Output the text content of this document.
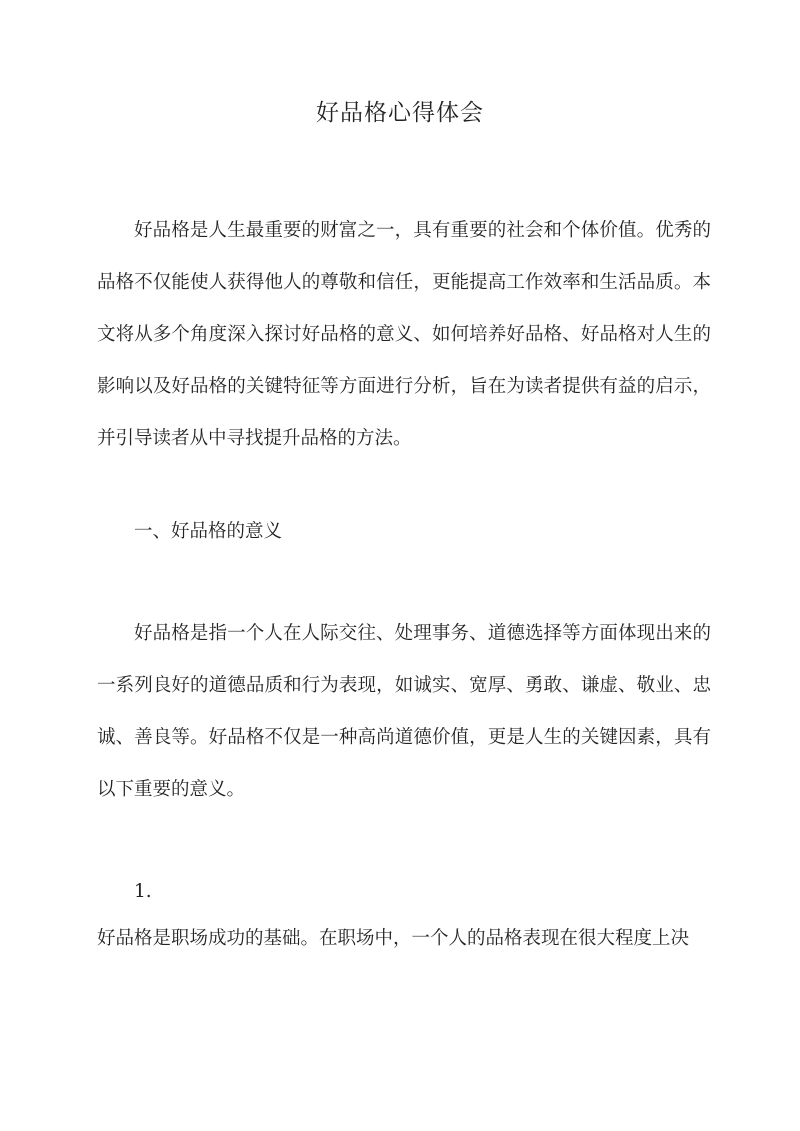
好品格心得体会

好品格是人生最重要的财富之一，具有重要的社会和个体价值。优秀的品格不仅能使人获得他人的尊敬和信任，更能提高工作效率和生活品质。本文将从多个角度深入探讨好品格的意义、如何培养好品格、好品格对人生的影响以及好品格的关键特征等方面进行分析，旨在为读者提供有益的启示，并引导读者从中寻找提升品格的方法。

一、好品格的意义

好品格是指一个人在人际交往、处理事务、道德选择等方面体现出来的一系列良好的道德品质和行为表现，如诚实、宽厚、勇敢、谦虚、敬业、忠诚、善良等。好品格不仅是一种高尚道德价值，更是人生的关键因素，具有以下重要的意义。

1.

好品格是职场成功的基础。在职场中，一个人的品格表现在很大程度上决
